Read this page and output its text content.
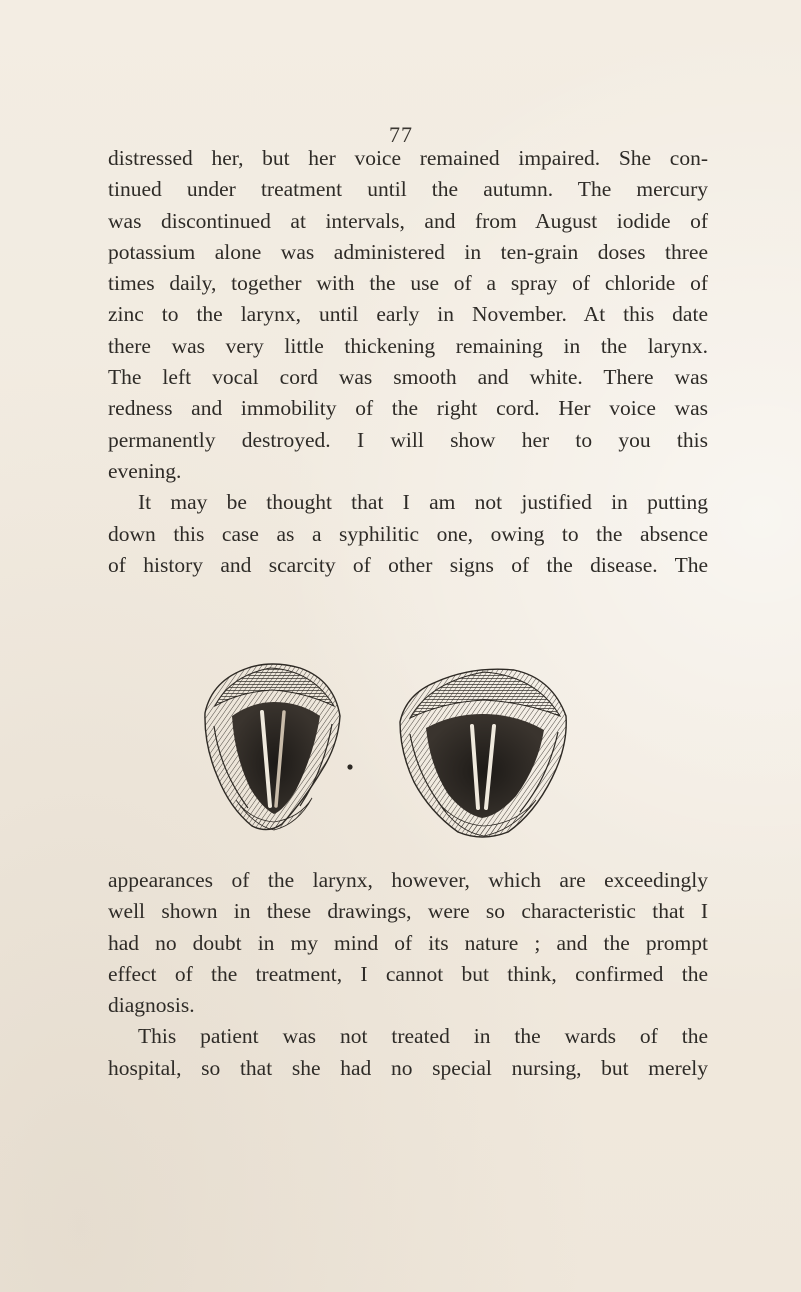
77
distressed her, but her voice remained impaired. She con-
tinued under treatment until the autumn. The mercury
was discontinued at intervals, and from August iodide of
potassium alone was administered in ten-grain doses three
times daily, together with the use of a spray of chloride of
zinc to the larynx, until early in November. At this date
there was very little thickening remaining in the larynx.
The left vocal cord was smooth and white. There was
redness and immobility of the right cord. Her voice was
permanently destroyed. I will show her to you this
evening.
It may be thought that I am not justified in putting
down this case as a syphilitic one, owing to the absence
of history and scarcity of other signs of the disease. The
appearances of the larynx, however, which are exceedingly
well shown in these drawings, were so characteristic that I
had no doubt in my mind of its nature ; and the prompt
effect of the treatment, I cannot but think, confirmed the
diagnosis.
This patient was not treated in the wards of the
hospital, so that she had no special nursing, but merely
